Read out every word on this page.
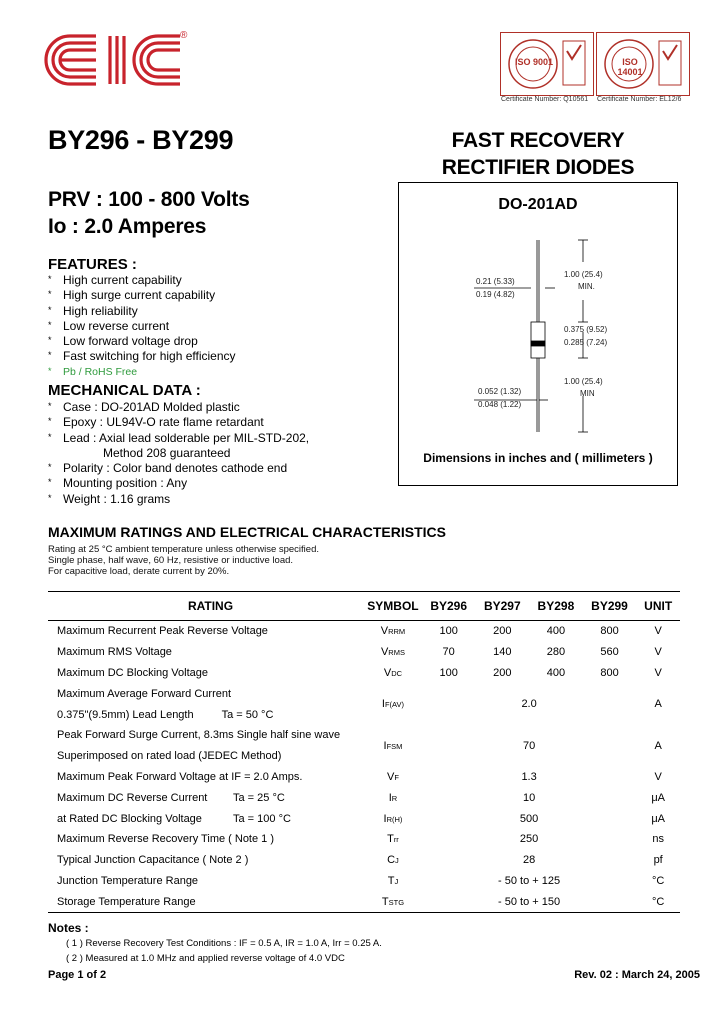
®
ISO 9001
Certificate Number: Q10561
ISO 14001
Certificate Number: EL12/6
BY296 - BY299	FAST RECOVERY
RECTIFIER DIODES
PRV : 100 - 800 Volts
Io : 2.0 Amperes
FEATURES :
* High current capability
* High surge current capability
* High reliability
* Low reverse current
* Low forward voltage drop
* Fast switching for high efficiency
* Pb / RoHS Free
MECHANICAL DATA :
* Case : DO-201AD Molded plastic
* Epoxy : UL94V-O rate flame retardant
* Lead : Axial lead solderable per MIL-STD-202,
Method 208 guaranteed
* Polarity : Color band denotes cathode end
* Mounting position : Any
* Weight : 1.16 grams
DO-201AD
0.21 (5.33)
0.19 (4.82)
1.00 (25.4)
MIN.
0.375 (9.52)
0.285 (7.24)
0.052 (1.32)
0.048 (1.22)
1.00 (25.4)
MIN
Dimensions in inches and ( millimeters )
MAXIMUM RATINGS AND ELECTRICAL CHARACTERISTICS
Rating at 25 °C ambient temperature unless otherwise specified.
Single phase, half wave, 60 Hz, resistive or inductive load.
For capacitive load, derate current by 20%.
RATING	SYMBOL	BY296	BY297	BY298	BY299	UNIT
Maximum Recurrent Peak Reverse Voltage	VRRM	100	200	400	800	V
Maximum RMS Voltage	VRMS	70	140	280	560	V
Maximum DC Blocking Voltage	VDC	100	200	400	800	V
Maximum Average Forward Current	IF(AV)	2.0				A
0.375"(9.5mm) Lead Length Ta = 50 °C						
Peak Forward Surge Current, 8.3ms Single half sine wave	IFSM	70				A
Superimposed on rated load (JEDEC Method)						
Maximum Peak Forward Voltage at IF = 2.0 Amps.	VF	1.3				V
Maximum DC Reverse Current Ta = 25 °C	IR	10				μA
at Rated DC Blocking Voltage Ta = 100 °C	IR(H)	500				μA
Maximum Reverse Recovery Time ( Note 1 )	Trr	250				ns
Typical Junction Capacitance ( Note 2 )	CJ	28				pf
Junction Temperature Range	TJ	- 50 to + 125				°C
Storage Temperature Range	TSTG	- 50 to + 150				°C
Notes :
( 1 ) Reverse Recovery Test Conditions : IF = 0.5 A, IR = 1.0 A, Irr = 0.25 A.
( 2 ) Measured at 1.0 MHz and applied reverse voltage of 4.0 VDC
Page 1 of 2	Rev. 02 : March 24, 2005
